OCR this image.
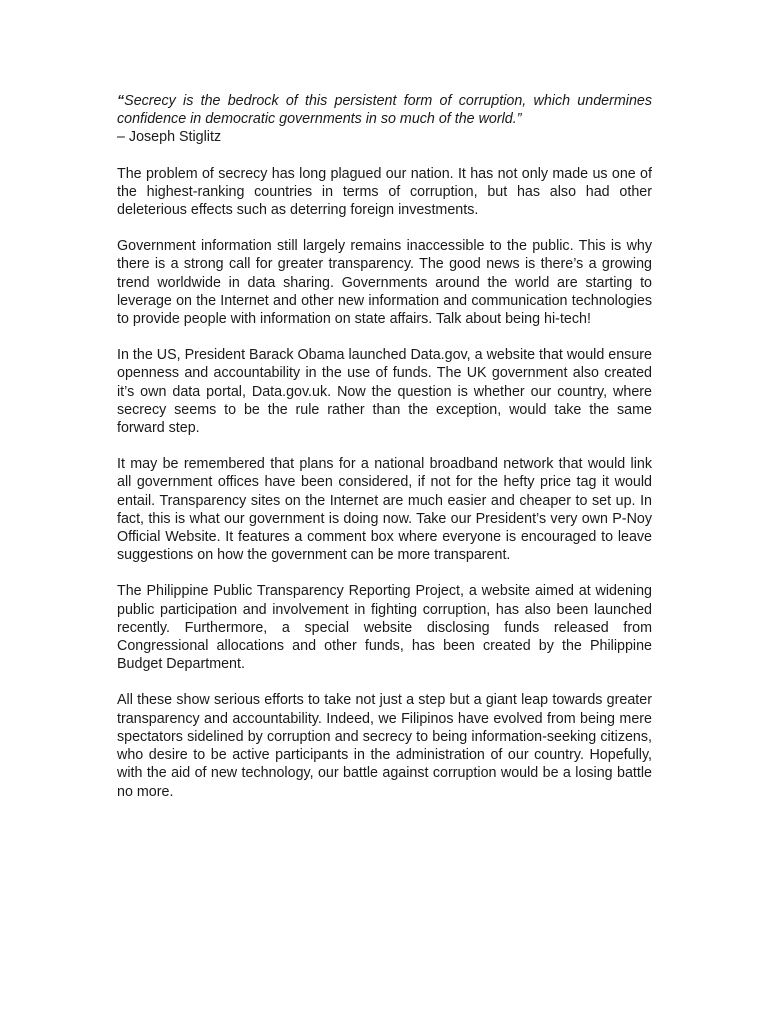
“Secrecy is the bedrock of this persistent form of corruption, which undermines confidence in democratic governments in so much of the world.”
– Joseph Stiglitz

The problem of secrecy has long plagued our nation. It has not only made us one of the highest-ranking countries in terms of corruption, but has also had other deleterious effects such as deterring foreign investments.

Government information still largely remains inaccessible to the public. This is why there is a strong call for greater transparency. The good news is there’s a growing trend worldwide in data sharing. Governments around the world are starting to leverage on the Internet and other new information and communication technologies to provide people with information on state affairs. Talk about being hi-tech!

In the US, President Barack Obama launched Data.gov, a website that would ensure openness and accountability in the use of funds. The UK government also created it’s own data portal, Data.gov.uk. Now the question is whether our country, where secrecy seems to be the rule rather than the exception, would take the same forward step.

It may be remembered that plans for a national broadband network that would link all government offices have been considered, if not for the hefty price tag it would entail. Transparency sites on the Internet are much easier and cheaper to set up. In fact, this is what our government is doing now. Take our President’s very own P-Noy Official Website. It features a comment box where everyone is encouraged to leave suggestions on how the government can be more transparent.

The Philippine Public Transparency Reporting Project, a website aimed at widening public participation and involvement in fighting corruption, has also been launched recently. Furthermore, a special website disclosing funds released from Congressional allocations and other funds, has been created by the Philippine Budget Department.

All these show serious efforts to take not just a step but a giant leap towards greater transparency and accountability. Indeed, we Filipinos have evolved from being mere spectators sidelined by corruption and secrecy to being information-seeking citizens, who desire to be active participants in the administration of our country. Hopefully, with the aid of new technology, our battle against corruption would be a losing battle no more.
